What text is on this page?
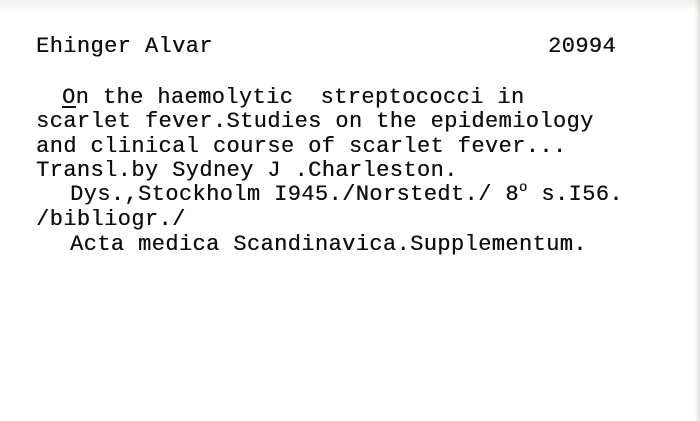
Ehinger Alvar	20994
On the haemolytic  streptococci in
scarlet fever.Studies on the epidemiology
and clinical course of scarlet fever...
Transl.by Sydney J .Charleston.
Dys.,Stockholm I945./Norstedt./ 8$^o$ s.I56.
/bibliogr./
Acta medica Scandinavica.Supplementum.
